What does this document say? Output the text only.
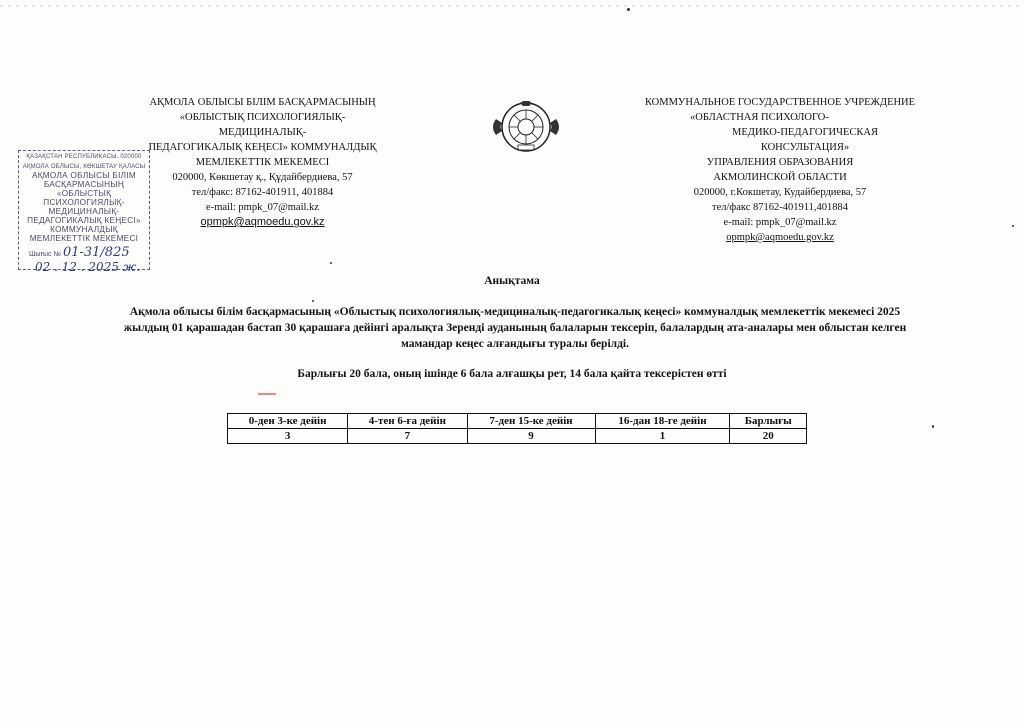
АҚМОЛА ОБЛЫСЫ БІЛІМ БАСҚАРМАСЫНЫҢ
«ОБЛЫСТЫҚ ПСИХОЛОГИЯЛЫҚ-
МЕДИЦИНАЛЫҚ-
ПЕДАГОГИКАЛЫҚ КЕҢЕСІ» КОММУНАЛДЫҚ
МЕМЛЕКЕТТІК МЕКЕМЕСІ
020000, Көкшетау қ., Құдайбердиева, 57
тел/факс: 87162-401911, 401884
e-mail: pmpk_07@mail.kz
opmpk@aqmoedu.gov.kz
КОММУНАЛЬНОЕ ГОСУДАРСТВЕННОЕ УЧРЕЖДЕНИЕ
«ОБЛАСТНАЯ ПСИХОЛОГО-
МЕДИКО-ПЕДАГОГИЧЕСКАЯ
КОНСУЛЬТАЦИЯ»
УПРАВЛЕНИЯ ОБРАЗОВАНИЯ
АКМОЛИНСКОЙ ОБЛАСТИ
020000, г.Кокшетау, Кудайбердиева, 57
тел/факс 87162-401911,401884
e-mail: pmpk_07@mail.kz
opmpk@aqmoedu.gov.kz
ҚАЗАҚСТАН РЕСПУБЛИКАСЫ, 020000
АҚМОЛА ОБЛЫСЫ, КӨКШЕТАУ ҚАЛАСЫ
АҚМОЛА ОБЛЫСЫ БІЛІМ
БАСҚАРМАСЫНЫҢ «ОБЛЫСТЫҚ
ПСИХОЛОГИЯЛЫҚ-
МЕДИЦИНАЛЫҚ-
ПЕДАГОГИКАЛЫҚ КЕҢЕСІ»
КОММУНАЛДЫҚ
МЕМЛЕКЕТТІК МЕКЕМЕСІ
Шығыс № 01-31/825
02 . 12 . 2025 ж.
Анықтама
Ақмола облысы білім басқармасының «Облыстық психологиялық-медициналық-педагогикалық кеңесі» коммуналдық мемлекеттік мекемесі 2025
жылдың 01 қарашадан бастап 30 қарашаға дейінгі аралықта Зеренді ауданының балаларын тексеріп, балалардың ата-аналары мен облыстан келген
мамандар кеңес алғандығы туралы берілді.
Барлығы 20 бала, оның ішінде 6 бала алғашқы рет, 14 бала қайта тексерістен өтті
0-ден 3-ке дейін	4-тен 6-ға дейін	7-ден 15-ке дейін	16-дан 18-ге дейін	Барлығы
3	7	9	1	20
